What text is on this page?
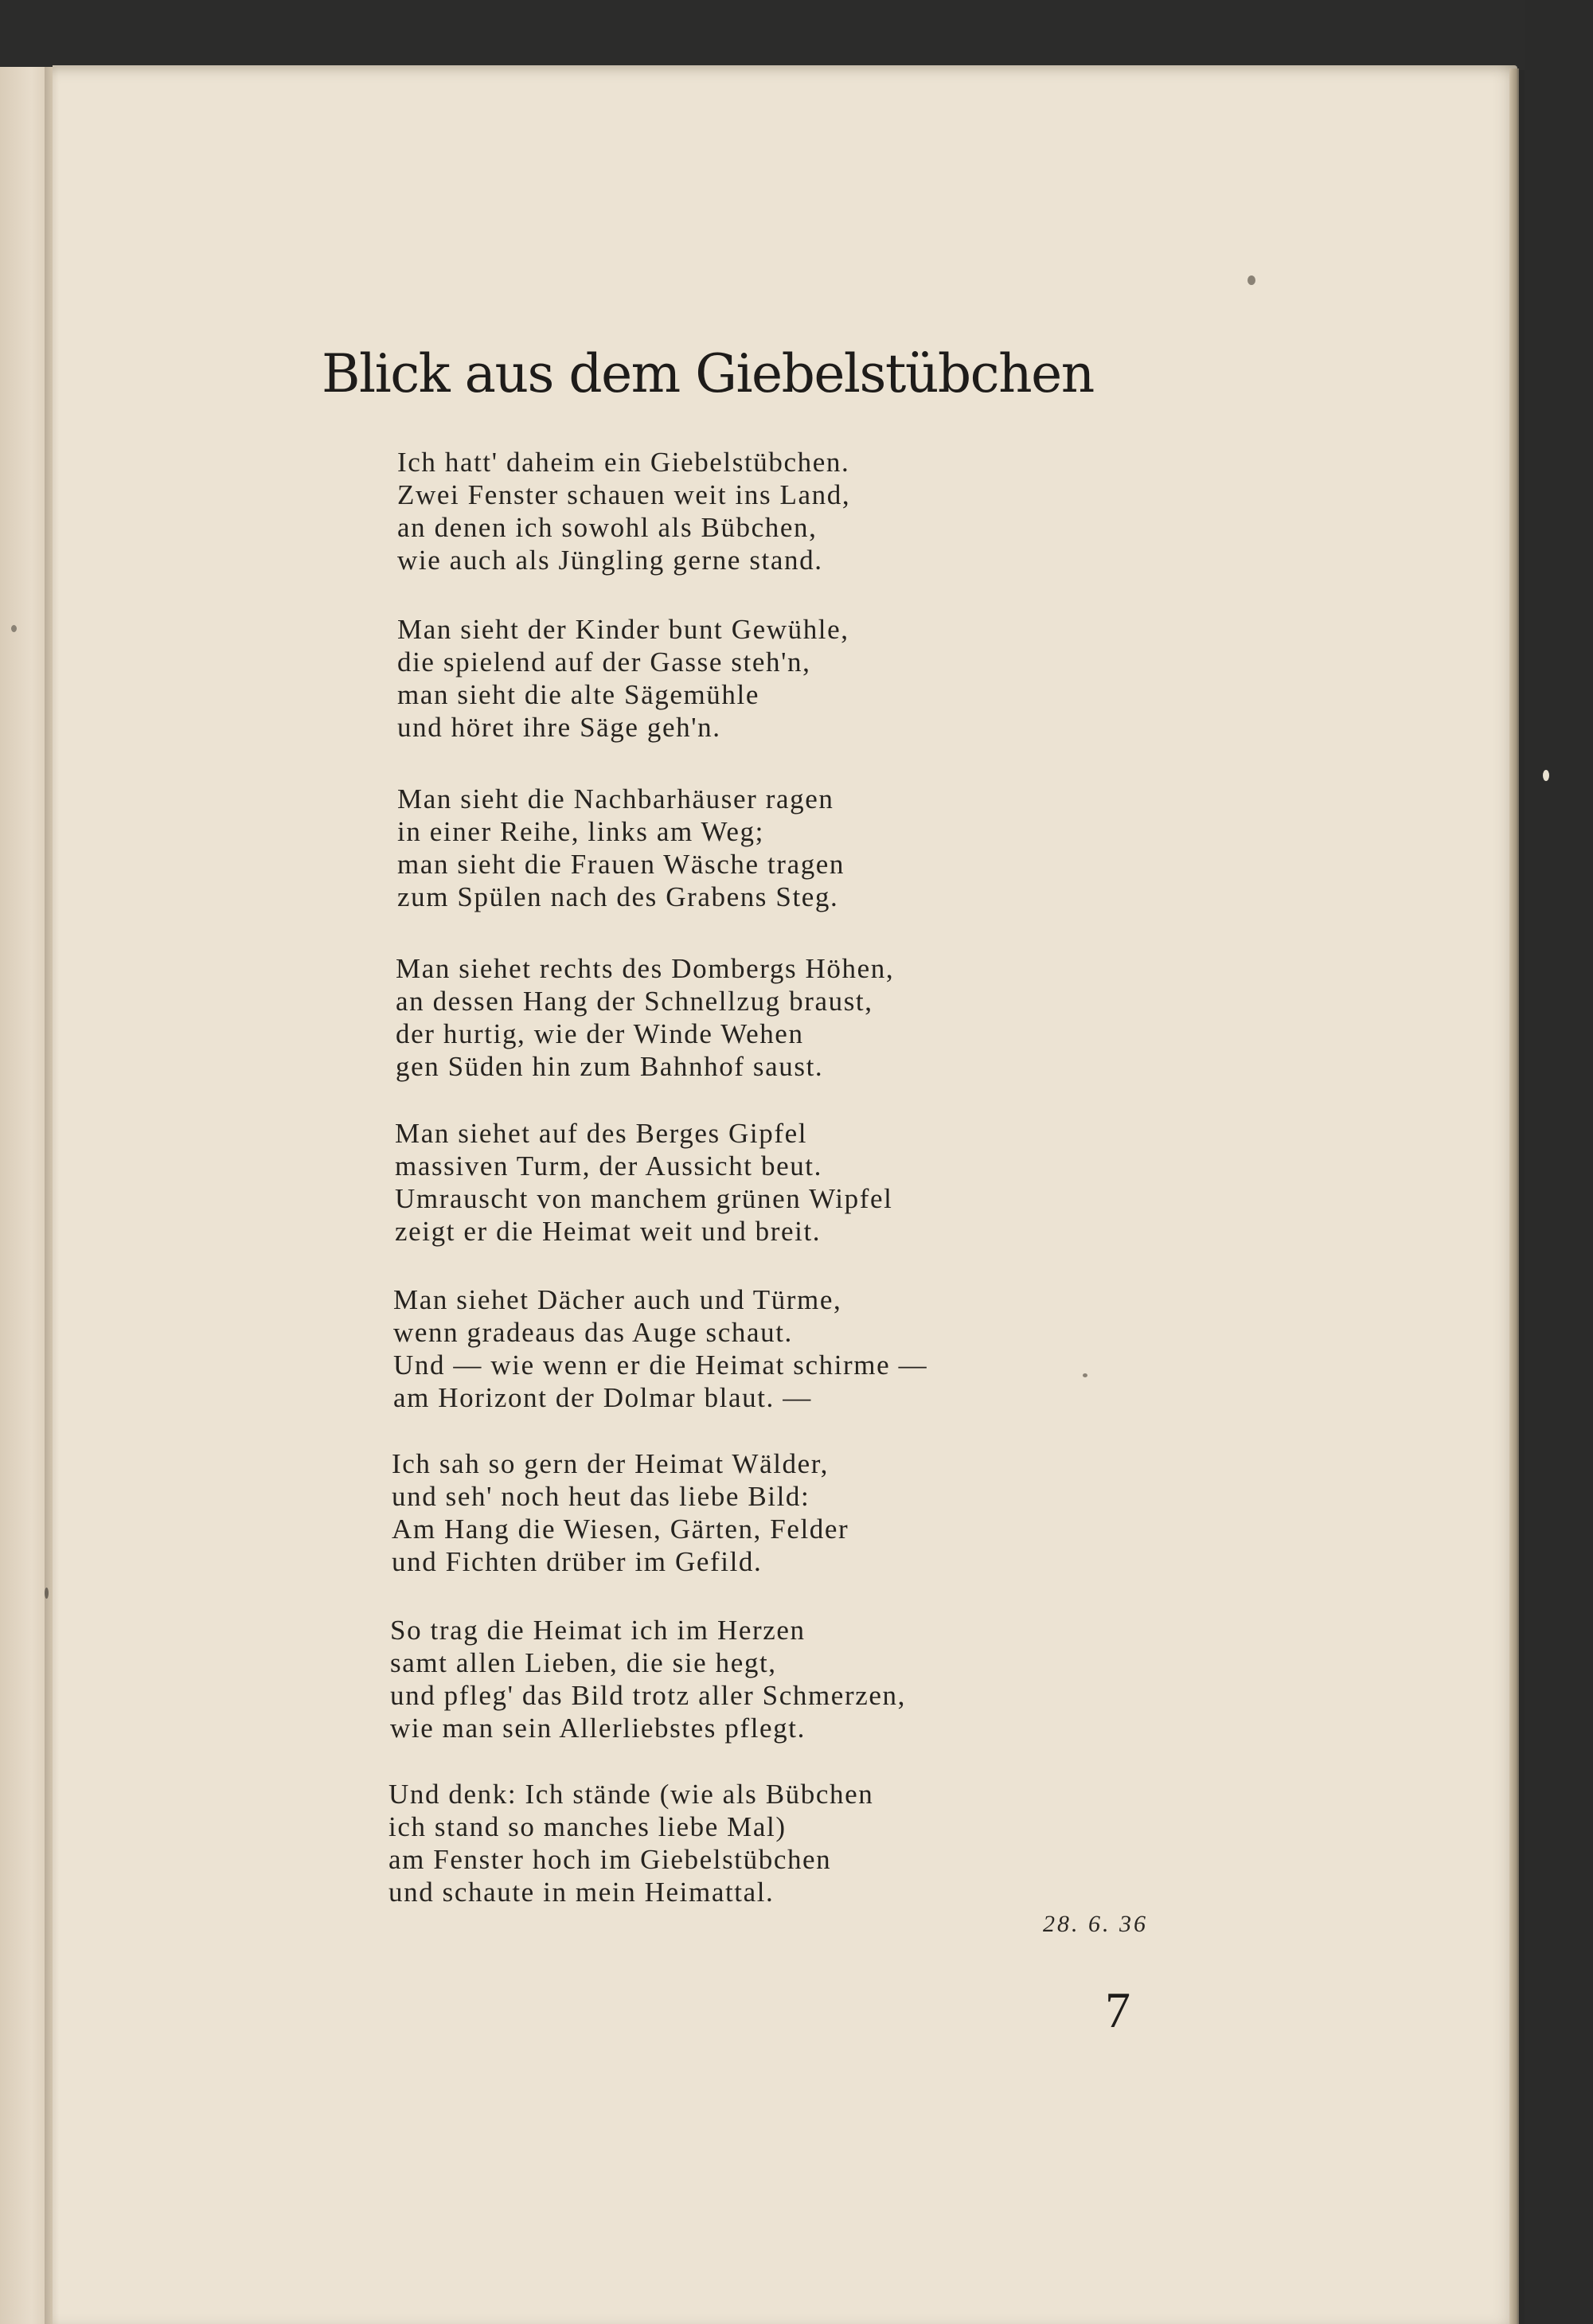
Blick aus dem Giebelstübchen
Ich hatt' daheim ein Giebelstübchen.
Zwei Fenster schauen weit ins Land,
an denen ich sowohl als Bübchen,
wie auch als Jüngling gerne stand.
Man sieht der Kinder bunt Gewühle,
die spielend auf der Gasse steh'n,
man sieht die alte Sägemühle
und höret ihre Säge geh'n.
Man sieht die Nachbarhäuser ragen
in einer Reihe, links am Weg;
man sieht die Frauen Wäsche tragen
zum Spülen nach des Grabens Steg.
Man siehet rechts des Dombergs Höhen,
an dessen Hang der Schnellzug braust,
der hurtig, wie der Winde Wehen
gen Süden hin zum Bahnhof saust.
Man siehet auf des Berges Gipfel
massiven Turm, der Aussicht beut.
Umrauscht von manchem grünen Wipfel
zeigt er die Heimat weit und breit.
Man siehet Dächer auch und Türme,
wenn gradeaus das Auge schaut.
Und — wie wenn er die Heimat schirme —
am Horizont der Dolmar blaut. —
Ich sah so gern der Heimat Wälder,
und seh' noch heut das liebe Bild:
Am Hang die Wiesen, Gärten, Felder
und Fichten drüber im Gefild.
So trag die Heimat ich im Herzen
samt allen Lieben, die sie hegt,
und pfleg' das Bild trotz aller Schmerzen,
wie man sein Allerliebstes pflegt.
Und denk: Ich stände (wie als Bübchen
ich stand so manches liebe Mal)
am Fenster hoch im Giebelstübchen
und schaute in mein Heimattal.
28. 6. 36
7
